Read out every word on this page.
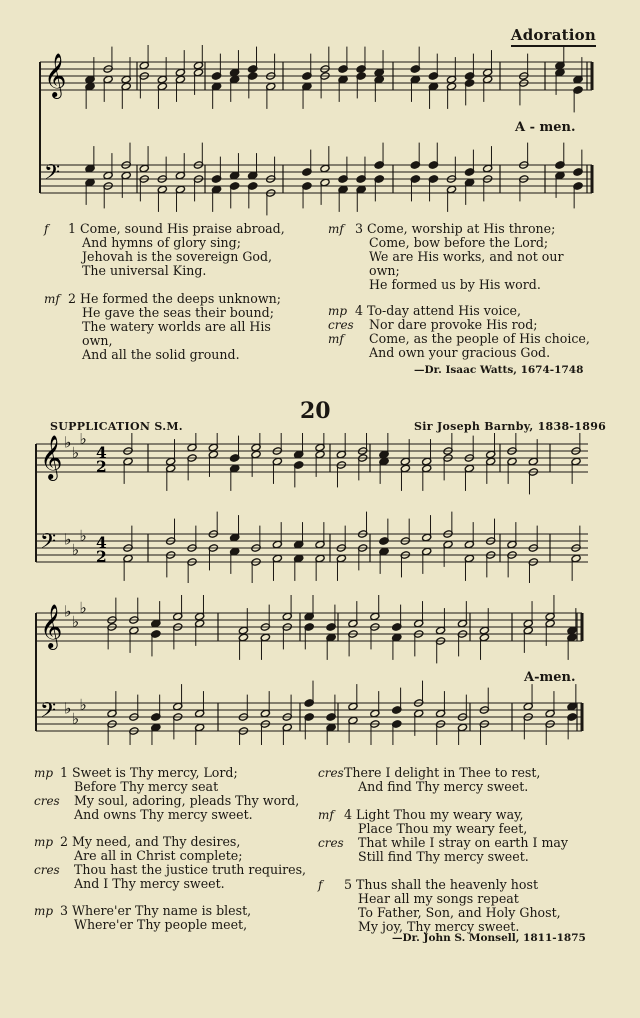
Adoration
𝄞
𝄢
𝄞
𝄢
♭
♭
♭
♭
♭
♭
4
2
4
2
𝄞
𝄢
♭
♭
♭
♭
♭
♭
A - men.
A-men.
1 Come, sound His praise abroad,
f
And hymns of glory sing;
Jehovah is the sovereign God,
The universal King.
2 He formed the deeps unknown;
mf
He gave the seas their bound;
The watery worlds are all His
own,
And all the solid ground.
3 Come, worship at His throne;
mf
Come, bow before the Lord;
We are His works, and not our
own;
He formed us by His word.
4 To-day attend His voice,
mp
Nor dare provoke His rod;
cres
Come, as the people of His choice,
mf
And own your gracious God.
—Dr. Isaac Watts, 1674-1748
20
SUPPLICATION S.M.	Sir Joseph Barnby, 1838-1896
1 Sweet is Thy mercy, Lord;
mp
Before Thy mercy seat
My soul, adoring, pleads Thy word,
cres
And owns Thy mercy sweet.
2 My need, and Thy desires,
mp
Are all in Christ complete;
Thou hast the justice truth requires,
cres
And I Thy mercy sweet.
3 Where'er Thy name is blest,
mp
Where'er Thy people meet,
There I delight in Thee to rest,
cres
And find Thy mercy sweet.
4 Light Thou my weary way,
mf
Place Thou my weary feet,
That while I stray on earth I may
cres
Still find Thy mercy sweet.
5 Thus shall the heavenly host
f
Hear all my songs repeat
To Father, Son, and Holy Ghost,
My joy, Thy mercy sweet.
—Dr. John S. Monsell, 1811-1875
